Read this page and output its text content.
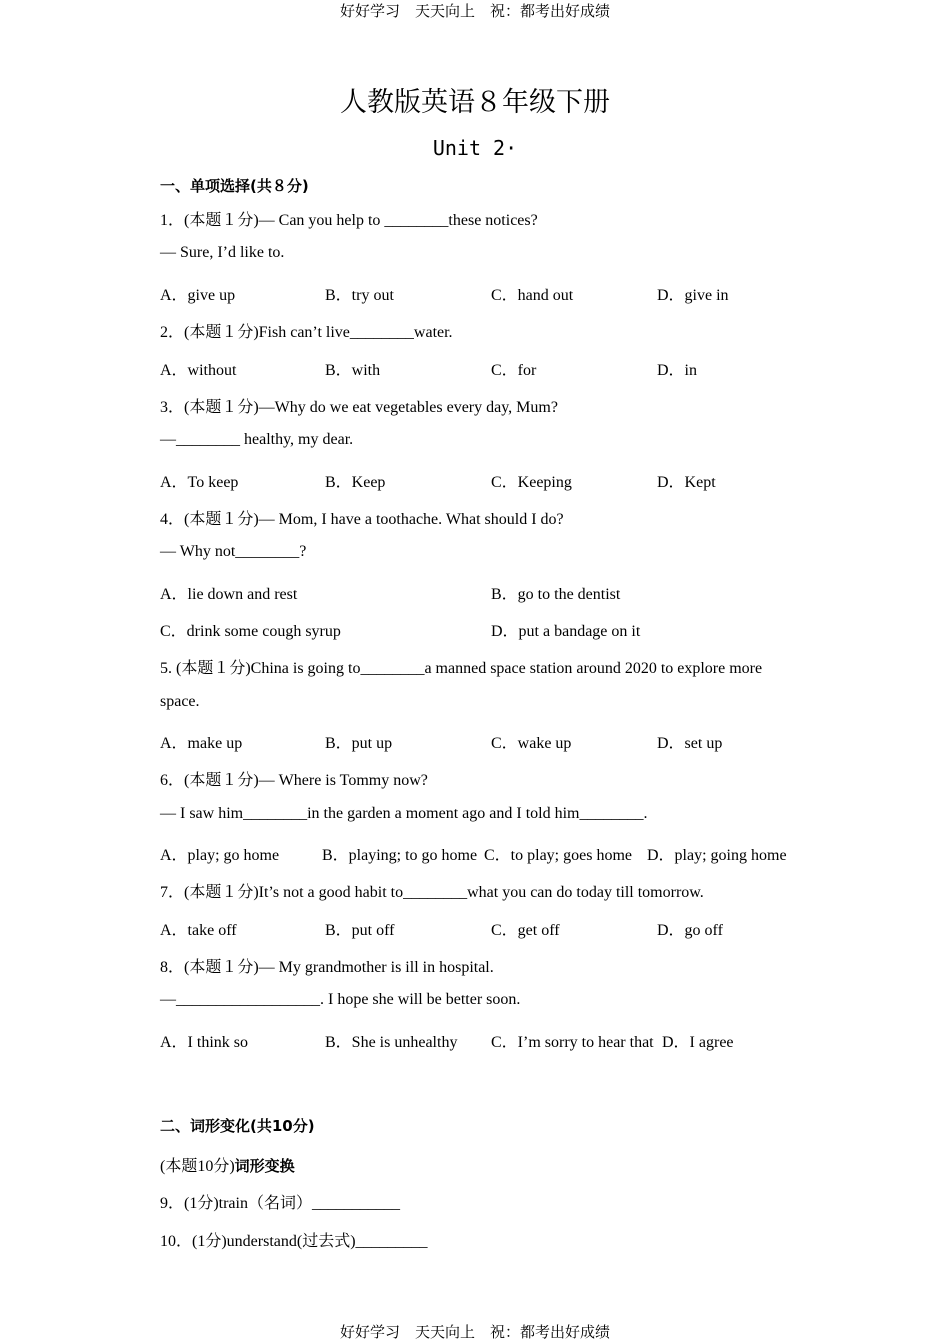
好好学习　天天向上　祝：都考出好成绩
人教版英语８年级下册
Unit 2·
一、单项选择(共８分)
1．(本题１分)— Can you help to ________these notices?
— Sure, I’d like to.
A．give up	B．try out	C．hand out	D．give in
2．(本题１分)Fish can’t live________water.
A．without	B．with	C．for	D．in
3．(本题１分)—Why do we eat vegetables every day, Mum?
—________ healthy, my dear.
A．To keep	B．Keep	C．Keeping	D．Kept
4．(本题１分)— Mom, I have a toothache. What should I do?
— Why not________?
A．lie down and rest	B．go to the dentist
C．drink some cough syrup	D．put a bandage on it
5. (本题１分)China is going to________a manned space station around 2020 to explore more
space.
A．make up	B．put up	C．wake up	D．set up
6．(本题１分)— Where is Tommy now?
— I saw him________in the garden a moment ago and I told him________.
A．play; go home	B．playing; to go home C．to play; goes home D．play; going home
7．(本题１分)It’s not a good habit to________what you can do today till tomorrow.
A．take off	B．put off	C．get off	D．go off
8．(本题１分)— My grandmother is ill in hospital.
—__________________. I hope she will be better soon.
A．I think so	B．She is unhealthy C．I’m sorry to hear that D．I agree
二、词形变化(共10分)
(本题10分)词形变换
9．(1分)train（名词）___________
10．(1分)understand(过去式)_________
好好学习　天天向上　祝：都考出好成绩
